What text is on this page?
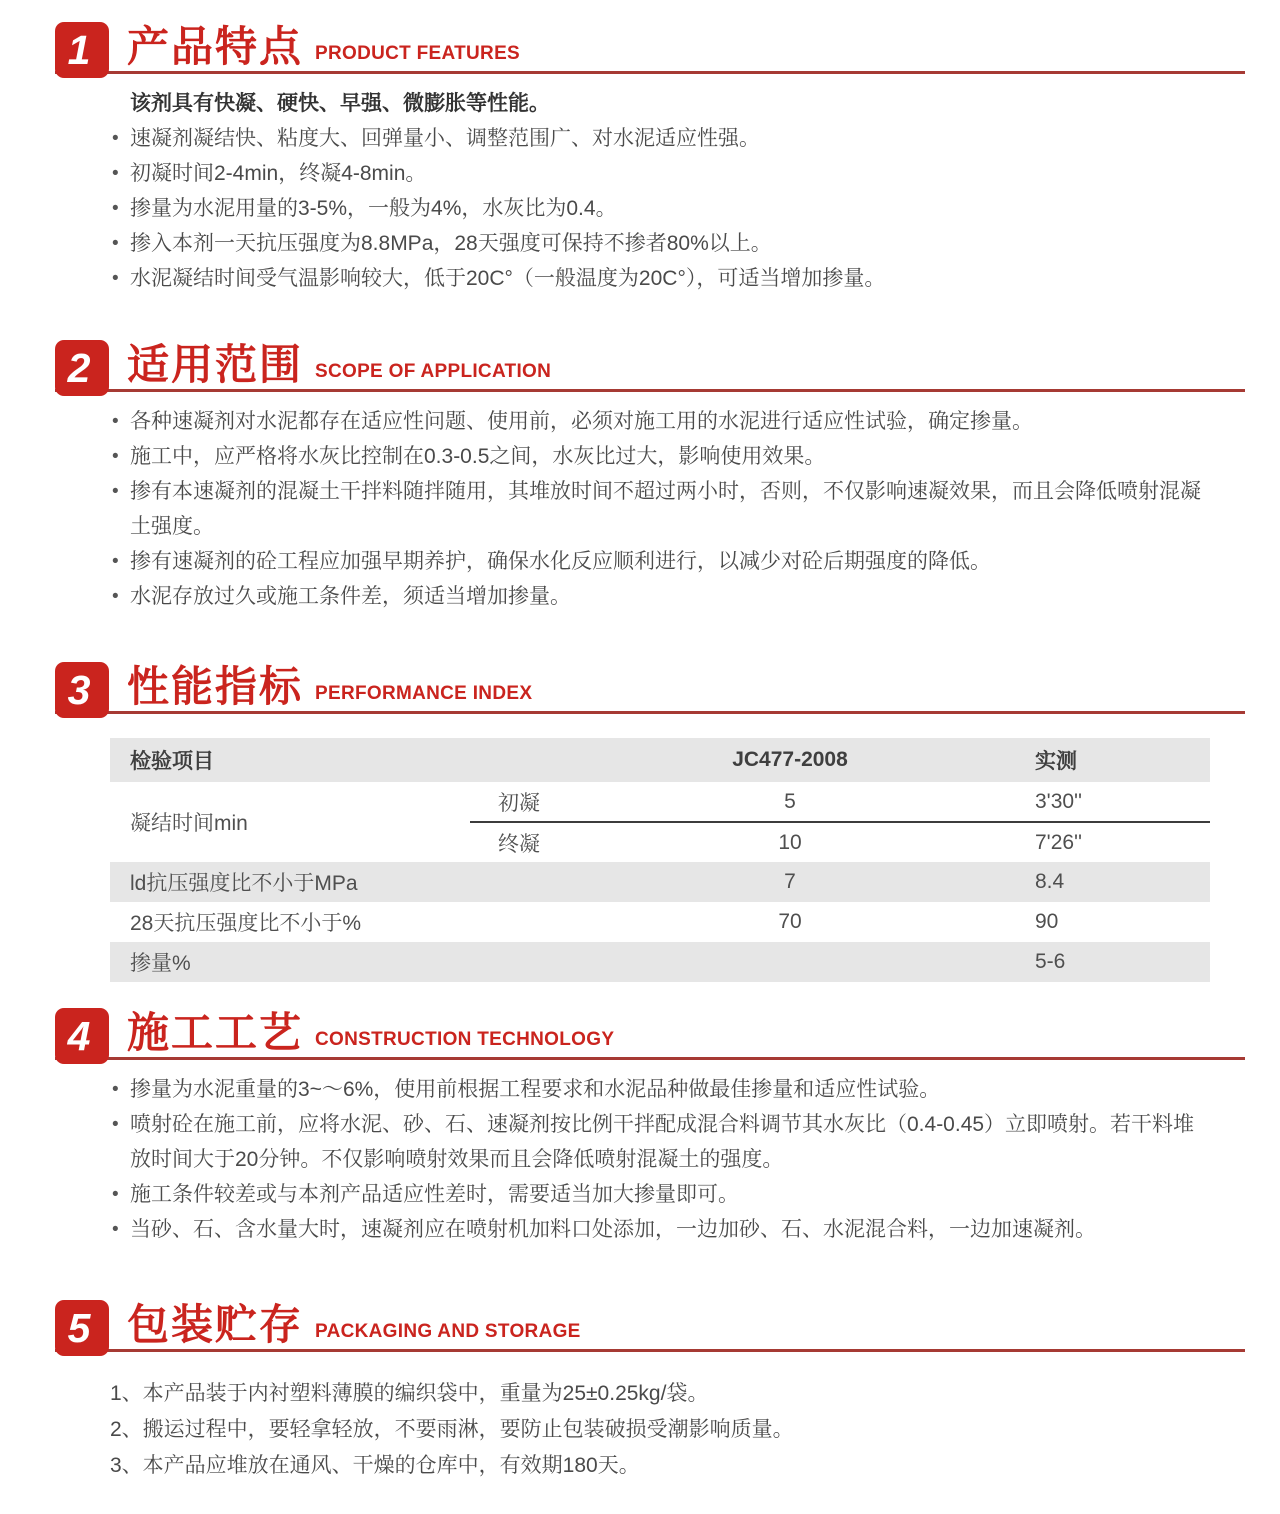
1 产品特点 PRODUCT FEATURES

该剂具有快凝、硬快、早强、微膨胀等性能。

• 速凝剂凝结快、粘度大、回弹量小、调整范围广、对水泥适应性强。
• 初凝时间2-4min，终凝4-8min。
• 掺量为水泥用量的3-5%，一般为4%，水灰比为0.4。
• 掺入本剂一天抗压强度为8.8MPa，28天强度可保持不掺者80%以上。
• 水泥凝结时间受气温影响较大，低于20C°（一般温度为20C°），可适当增加掺量。
2 适用范围 SCOPE OF APPLICATION
• 各种速凝剂对水泥都存在适应性问题、使用前，必须对施工用的水泥进行适应性试验，确定掺量。
• 施工中，应严格将水灰比控制在0.3-0.5之间，水灰比过大，影响使用效果。
• 掺有本速凝剂的混凝土干拌料随拌随用，其堆放时间不超过两小时，否则，不仅影响速凝效果，而且会降低喷射混凝土强度。
• 掺有速凝剂的砼工程应加强早期养护，确保水化反应顺利进行，以减少对砼后期强度的降低。
• 水泥存放过久或施工条件差，须适当增加掺量。
3 性能指标 PERFORMANCE INDEX
检验项目		JC477-2008	实测
凝结时间min	初凝	5	3'30''
	终凝	10	7'26''
ld抗压强度比不小于MPa		7	8.4
28天抗压强度比不小于%		70	90
掺量%			5-6
4 施工工艺 CONSTRUCTION TECHNOLOGY
• 掺量为水泥重量的3~～6%，使用前根据工程要求和水泥品种做最佳掺量和适应性试验。
• 喷射砼在施工前，应将水泥、砂、石、速凝剂按比例干拌配成混合料调节其水灰比（0.4-0.45）立即喷射。若干料堆放时间大于20分钟。不仅影响喷射效果而且会降低喷射混凝土的强度。
• 施工条件较差或与本剂产品适应性差时，需要适当加大掺量即可。
• 当砂、石、含水量大时，速凝剂应在喷射机加料口处添加，一边加砂、石、水泥混合料，一边加速凝剂。
5 包装贮存 PACKAGING AND STORAGE

1、本产品装于内衬塑料薄膜的编织袋中，重量为25±0.25kg/袋。

2、搬运过程中，要轻拿轻放，不要雨淋，要防止包装破损受潮影响质量。

3、本产品应堆放在通风、干燥的仓库中，有效期180天。
